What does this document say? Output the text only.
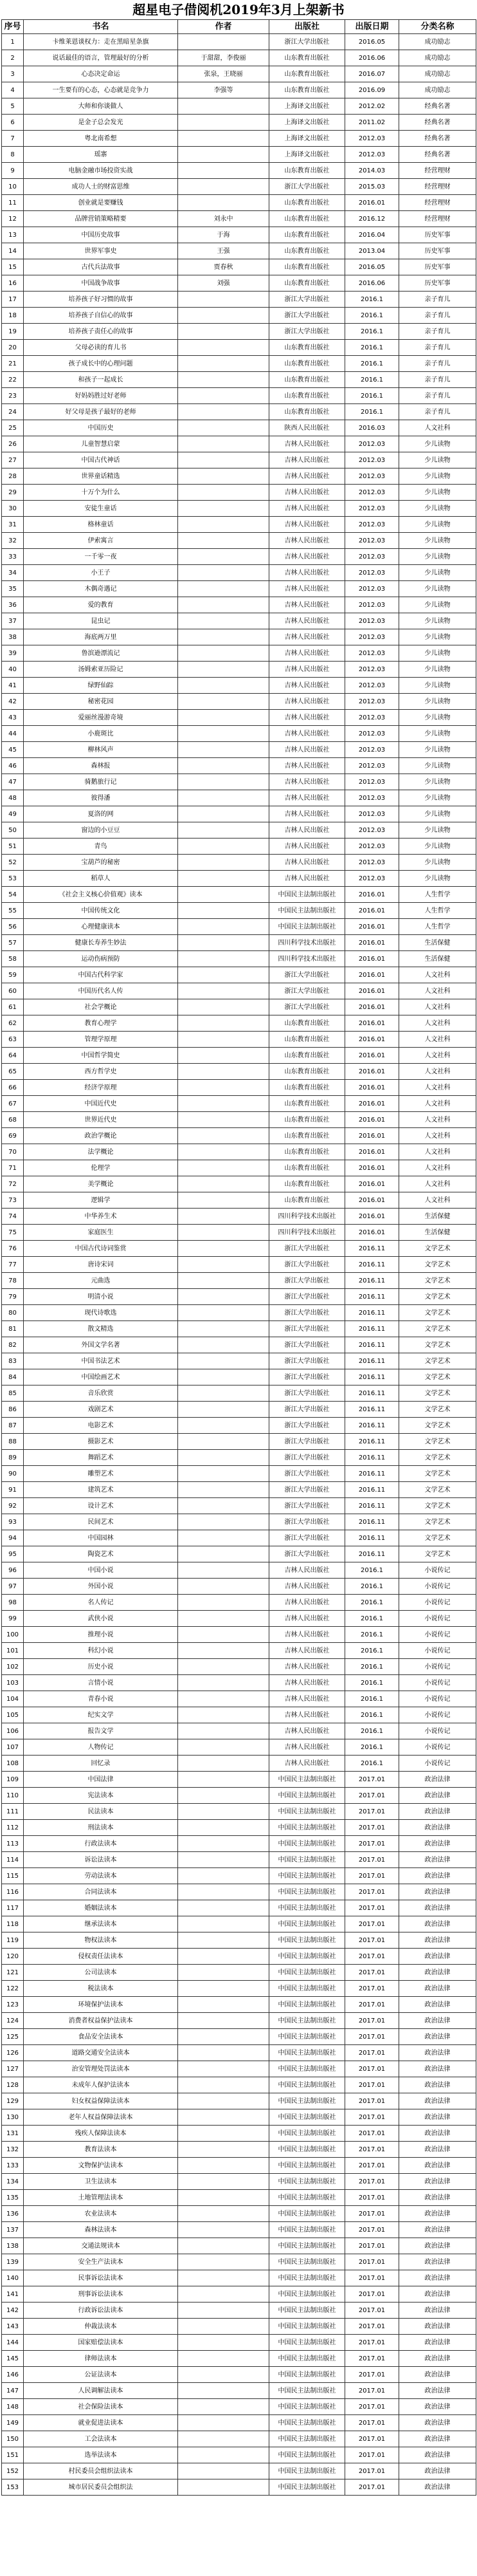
超星电子借阅机2019年3月上架新书
序号	书名	作者	出版社	出版日期	分类名称
1	卡维莱恩谈权力：走在黑暗星条旗		浙江大学出版社	2016.05	成功励志
2	说话最佳的语言，管理最好的分析	于甜甜，李俊丽	山东教育出版社	2016.06	成功励志
3	心态决定命运	张泉，王晓丽	山东教育出版社	2016.07	成功励志
4	一生要有的心态，心态就是竞争力	李强等	山东教育出版社	2016.09	成功励志
5	大师和你谈做人		上海译文出版社	2012.02	经典名著
6	是金子总会发光		上海译文出版社	2011.02	经典名著
7	粤北南希想		上海译文出版社	2012.03	经典名著
8	瑶寨		上海译文出版社	2012.03	经典名著
9	电脑金融市场投资实战		山东教育出版社	2014.03	经营理财
10	成功人士的财富思维		浙江大学出版社	2015.03	经营理财
11	创业就是要赚钱		山东教育出版社	2016.01	经营理财
12	品牌营销策略精要	刘永中	山东教育出版社	2016.12	经营理财
13	中国历史故事	于海	山东教育出版社	2016.04	历史军事
14	世界军事史	王强	山东教育出版社	2013.04	历史军事
15	古代兵法故事	贾春秋	山东教育出版社	2016.05	历史军事
16	中国战争故事	刘强	山东教育出版社	2016.06	历史军事
17	培养孩子好习惯的故事		浙江大学出版社	2016.1	亲子育儿
18	培养孩子自信心的故事		浙江大学出版社	2016.1	亲子育儿
19	培养孩子责任心的故事		浙江大学出版社	2016.1	亲子育儿
20	父母必读的育儿书		山东教育出版社	2016.1	亲子育儿
21	孩子成长中的心理问题		山东教育出版社	2016.1	亲子育儿
22	和孩子一起成长		山东教育出版社	2016.1	亲子育儿
23	好妈妈胜过好老师		山东教育出版社	2016.1	亲子育儿
24	好父母是孩子最好的老师		山东教育出版社	2016.1	亲子育儿
25	中国历史		陕西人民出版社	2016.03	人文社科
26	儿童智慧启蒙		吉林人民出版社	2012.03	少儿读物
27	中国古代神话		吉林人民出版社	2012.03	少儿读物
28	世界童话精选		吉林人民出版社	2012.03	少儿读物
29	十万个为什么		吉林人民出版社	2012.03	少儿读物
30	安徒生童话		吉林人民出版社	2012.03	少儿读物
31	格林童话		吉林人民出版社	2012.03	少儿读物
32	伊索寓言		吉林人民出版社	2012.03	少儿读物
33	一千零一夜		吉林人民出版社	2012.03	少儿读物
34	小王子		吉林人民出版社	2012.03	少儿读物
35	木偶奇遇记		吉林人民出版社	2012.03	少儿读物
36	爱的教育		吉林人民出版社	2012.03	少儿读物
37	昆虫记		吉林人民出版社	2012.03	少儿读物
38	海底两万里		吉林人民出版社	2012.03	少儿读物
39	鲁滨逊漂流记		吉林人民出版社	2012.03	少儿读物
40	汤姆索亚历险记		吉林人民出版社	2012.03	少儿读物
41	绿野仙踪		吉林人民出版社	2012.03	少儿读物
42	秘密花园		吉林人民出版社	2012.03	少儿读物
43	爱丽丝漫游奇境		吉林人民出版社	2012.03	少儿读物
44	小鹿斑比		吉林人民出版社	2012.03	少儿读物
45	柳林风声		吉林人民出版社	2012.03	少儿读物
46	森林报		吉林人民出版社	2012.03	少儿读物
47	骑鹅旅行记		吉林人民出版社	2012.03	少儿读物
48	彼得潘		吉林人民出版社	2012.03	少儿读物
49	夏洛的网		吉林人民出版社	2012.03	少儿读物
50	窗边的小豆豆		吉林人民出版社	2012.03	少儿读物
51	青鸟		吉林人民出版社	2012.03	少儿读物
52	宝葫芦的秘密		吉林人民出版社	2012.03	少儿读物
53	稻草人		吉林人民出版社	2012.03	少儿读物
54	《社会主义核心价值观》读本		中国民主法制出版社	2016.01	人生哲学
55	中国传统文化		中国民主法制出版社	2016.01	人生哲学
56	心理健康读本		中国民主法制出版社	2016.01	人生哲学
57	健康长寿养生妙法		四川科学技术出版社	2016.01	生活保健
58	运动伤病预防		四川科学技术出版社	2016.01	生活保健
59	中国古代科学家		浙江大学出版社	2016.01	人文社科
60	中国历代名人传		浙江大学出版社	2016.01	人文社科
61	社会学概论		浙江大学出版社	2016.01	人文社科
62	教育心理学		山东教育出版社	2016.01	人文社科
63	管理学原理		山东教育出版社	2016.01	人文社科
64	中国哲学简史		山东教育出版社	2016.01	人文社科
65	西方哲学史		山东教育出版社	2016.01	人文社科
66	经济学原理		山东教育出版社	2016.01	人文社科
67	中国近代史		山东教育出版社	2016.01	人文社科
68	世界近代史		山东教育出版社	2016.01	人文社科
69	政治学概论		山东教育出版社	2016.01	人文社科
70	法学概论		山东教育出版社	2016.01	人文社科
71	伦理学		山东教育出版社	2016.01	人文社科
72	美学概论		山东教育出版社	2016.01	人文社科
73	逻辑学		山东教育出版社	2016.01	人文社科
74	中华养生术		四川科学技术出版社	2016.01	生活保健
75	家庭医生		四川科学技术出版社	2016.01	生活保健
76	中国古代诗词鉴赏		浙江大学出版社	2016.11	文学艺术
77	唐诗宋词		浙江大学出版社	2016.11	文学艺术
78	元曲选		浙江大学出版社	2016.11	文学艺术
79	明清小说		浙江大学出版社	2016.11	文学艺术
80	现代诗歌选		浙江大学出版社	2016.11	文学艺术
81	散文精选		浙江大学出版社	2016.11	文学艺术
82	外国文学名著		浙江大学出版社	2016.11	文学艺术
83	中国书法艺术		浙江大学出版社	2016.11	文学艺术
84	中国绘画艺术		浙江大学出版社	2016.11	文学艺术
85	音乐欣赏		浙江大学出版社	2016.11	文学艺术
86	戏剧艺术		浙江大学出版社	2016.11	文学艺术
87	电影艺术		浙江大学出版社	2016.11	文学艺术
88	摄影艺术		浙江大学出版社	2016.11	文学艺术
89	舞蹈艺术		浙江大学出版社	2016.11	文学艺术
90	雕塑艺术		浙江大学出版社	2016.11	文学艺术
91	建筑艺术		浙江大学出版社	2016.11	文学艺术
92	设计艺术		浙江大学出版社	2016.11	文学艺术
93	民间艺术		浙江大学出版社	2016.11	文学艺术
94	中国园林		浙江大学出版社	2016.11	文学艺术
95	陶瓷艺术		浙江大学出版社	2016.11	文学艺术
96	中国小说		吉林人民出版社	2016.1	小说传记
97	外国小说		吉林人民出版社	2016.1	小说传记
98	名人传记		吉林人民出版社	2016.1	小说传记
99	武侠小说		吉林人民出版社	2016.1	小说传记
100	推理小说		吉林人民出版社	2016.1	小说传记
101	科幻小说		吉林人民出版社	2016.1	小说传记
102	历史小说		吉林人民出版社	2016.1	小说传记
103	言情小说		吉林人民出版社	2016.1	小说传记
104	青春小说		吉林人民出版社	2016.1	小说传记
105	纪实文学		吉林人民出版社	2016.1	小说传记
106	报告文学		吉林人民出版社	2016.1	小说传记
107	人物传记		吉林人民出版社	2016.1	小说传记
108	回忆录		吉林人民出版社	2016.1	小说传记
109	中国法律		中国民主法制出版社	2017.01	政治法律
110	宪法读本		中国民主法制出版社	2017.01	政治法律
111	民法读本		中国民主法制出版社	2017.01	政治法律
112	刑法读本		中国民主法制出版社	2017.01	政治法律
113	行政法读本		中国民主法制出版社	2017.01	政治法律
114	诉讼法读本		中国民主法制出版社	2017.01	政治法律
115	劳动法读本		中国民主法制出版社	2017.01	政治法律
116	合同法读本		中国民主法制出版社	2017.01	政治法律
117	婚姻法读本		中国民主法制出版社	2017.01	政治法律
118	继承法读本		中国民主法制出版社	2017.01	政治法律
119	物权法读本		中国民主法制出版社	2017.01	政治法律
120	侵权责任法读本		中国民主法制出版社	2017.01	政治法律
121	公司法读本		中国民主法制出版社	2017.01	政治法律
122	税法读本		中国民主法制出版社	2017.01	政治法律
123	环境保护法读本		中国民主法制出版社	2017.01	政治法律
124	消费者权益保护法读本		中国民主法制出版社	2017.01	政治法律
125	食品安全法读本		中国民主法制出版社	2017.01	政治法律
126	道路交通安全法读本		中国民主法制出版社	2017.01	政治法律
127	治安管理处罚法读本		中国民主法制出版社	2017.01	政治法律
128	未成年人保护法读本		中国民主法制出版社	2017.01	政治法律
129	妇女权益保障法读本		中国民主法制出版社	2017.01	政治法律
130	老年人权益保障法读本		中国民主法制出版社	2017.01	政治法律
131	残疾人保障法读本		中国民主法制出版社	2017.01	政治法律
132	教育法读本		中国民主法制出版社	2017.01	政治法律
133	文物保护法读本		中国民主法制出版社	2017.01	政治法律
134	卫生法读本		中国民主法制出版社	2017.01	政治法律
135	土地管理法读本		中国民主法制出版社	2017.01	政治法律
136	农业法读本		中国民主法制出版社	2017.01	政治法律
137	森林法读本		中国民主法制出版社	2017.01	政治法律
138	交通法规读本		中国民主法制出版社	2017.01	政治法律
139	安全生产法读本		中国民主法制出版社	2017.01	政治法律
140	民事诉讼法读本		中国民主法制出版社	2017.01	政治法律
141	刑事诉讼法读本		中国民主法制出版社	2017.01	政治法律
142	行政诉讼法读本		中国民主法制出版社	2017.01	政治法律
143	仲裁法读本		中国民主法制出版社	2017.01	政治法律
144	国家赔偿法读本		中国民主法制出版社	2017.01	政治法律
145	律师法读本		中国民主法制出版社	2017.01	政治法律
146	公证法读本		中国民主法制出版社	2017.01	政治法律
147	人民调解法读本		中国民主法制出版社	2017.01	政治法律
148	社会保险法读本		中国民主法制出版社	2017.01	政治法律
149	就业促进法读本		中国民主法制出版社	2017.01	政治法律
150	工会法读本		中国民主法制出版社	2017.01	政治法律
151	选举法读本		中国民主法制出版社	2017.01	政治法律
152	村民委员会组织法读本		中国民主法制出版社	2017.01	政治法律
153	城市居民委员会组织法		中国民主法制出版社	2017.01	政治法律
